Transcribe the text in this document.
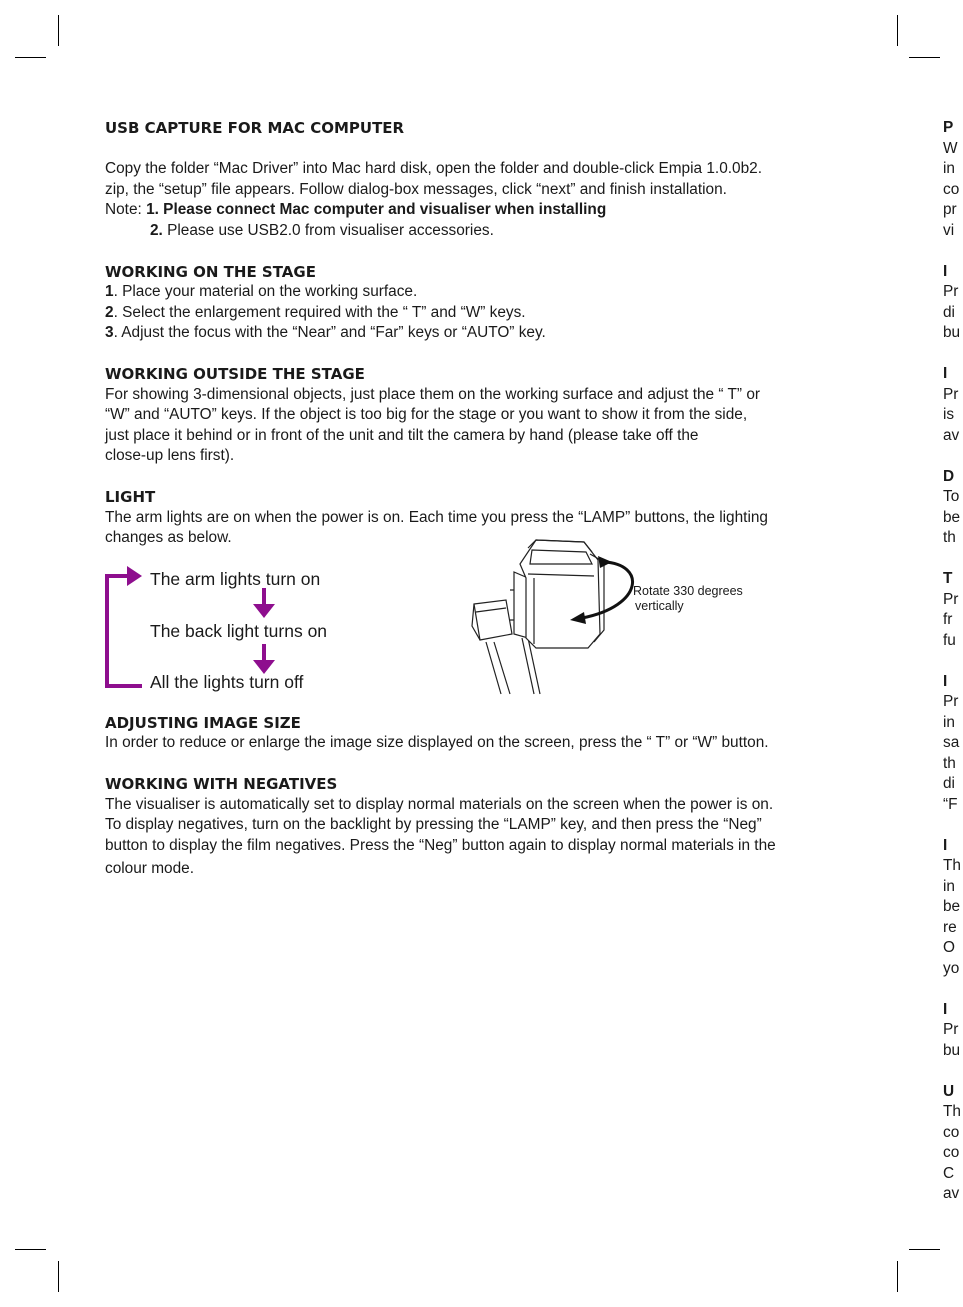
USB CAPTURE FOR MAC COMPUTER

Copy the folder “Mac Driver” into Mac hard disk, open the folder and double-click Empia 1.0.0b2.

zip, the “setup” file appears. Follow dialog-box messages, click “next” and finish installation.

Note: 1. Please connect Mac computer and visualiser when installing

2. Please use USB2.0 from visualiser accessories.

WORKING ON THE STAGE

1. Place your material on the working surface.

2. Select the enlargement required with the “ T” and “W” keys.

3. Adjust the focus with the “Near” and “Far” keys or “AUTO” key.

WORKING OUTSIDE THE STAGE

For showing 3-dimensional objects, just place them on the working surface and adjust the “ T” or

“W” and “AUTO” keys. If the object is too big for the stage or you want to show it from the side,

just place it behind or in front of the unit and tilt the camera by hand (please take off the

close-up lens first).

LIGHT

The arm lights are on when the power is on. Each time you press the “LAMP” buttons, the lighting

changes as below.

ADJUSTING IMAGE SIZE

In order to reduce or enlarge the image size displayed on the screen, press the “ T” or “W” button.

WORKING WITH NEGATIVES

The visualiser is automatically set to display normal materials on the screen when the power is on.

To display negatives, turn on the backlight by pressing the “LAMP” key, and then press the “Neg”

button to display the film negatives. Press the “Neg” button again to display normal materials in the

colour mode.

The arm lights turn on
The back light turns on
All the lights turn off
Rotate 330 degrees
vertically
P
W
in
co
pr
vi
I
Pr
di
bu
I
Pr
is
av
D
To
be
th
T
Pr
fr
fu
I
Pr
in
sa
th
di
“F
I
Th
in
be
re
O
yo
I
Pr
bu
U
Th
co
co
C
av
